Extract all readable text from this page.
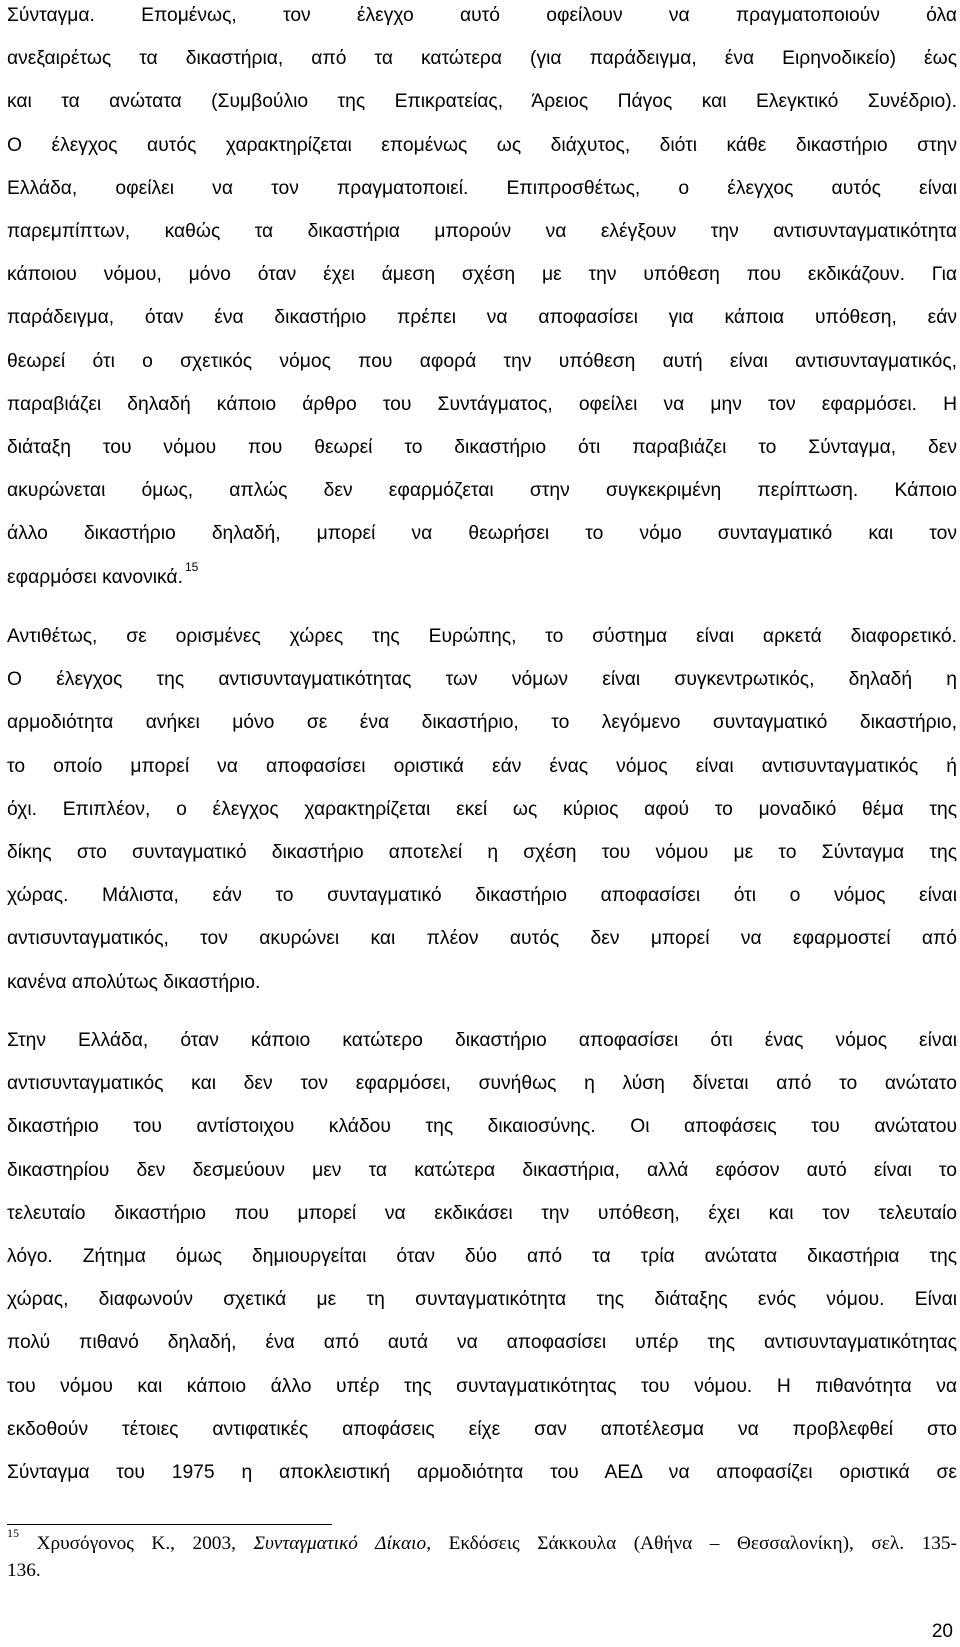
Σύνταγμα. Επομένως, τον έλεγχο αυτό οφείλουν να πραγματοποιούν όλα
ανεξαιρέτως τα δικαστήρια, από τα κατώτερα (για παράδειγμα, ένα Ειρηνοδικείο) έως
και τα ανώτατα (Συμβούλιο της Επικρατείας, Άρειος Πάγος και Ελεγκτικό Συνέδριο).
Ο έλεγχος αυτός χαρακτηρίζεται επομένως ως διάχυτος, διότι κάθε δικαστήριο στην
Ελλάδα, οφείλει να τον πραγματοποιεί. Επιπροσθέτως, ο έλεγχος αυτός είναι
παρεμπίπτων, καθώς τα δικαστήρια μπορούν να ελέγξουν την αντισυνταγματικότητα
κάποιου νόμου, μόνο όταν έχει άμεση σχέση με την υπόθεση που εκδικάζουν. Για
παράδειγμα, όταν ένα δικαστήριο πρέπει να αποφασίσει για κάποια υπόθεση, εάν
θεωρεί ότι ο σχετικός νόμος που αφορά την υπόθεση αυτή είναι αντισυνταγματικός,
παραβιάζει δηλαδή κάποιο άρθρο του Συντάγματος, οφείλει να μην τον εφαρμόσει. Η
διάταξη του νόμου που θεωρεί το δικαστήριο ότι παραβιάζει το Σύνταγμα, δεν
ακυρώνεται όμως, απλώς δεν εφαρμόζεται στην συγκεκριμένη περίπτωση. Κάποιο
άλλο δικαστήριο δηλαδή, μπορεί να θεωρήσει το νόμο συνταγματικό και τον
εφαρμόσει κανονικά. $^{15}$
Αντιθέτως, σε ορισμένες χώρες της Ευρώπης, το σύστημα είναι αρκετά διαφορετικό.
Ο έλεγχος της αντισυνταγματικότητας των νόμων είναι συγκεντρωτικός, δηλαδή η
αρμοδιότητα ανήκει μόνο σε ένα δικαστήριο, το λεγόμενο συνταγματικό δικαστήριο,
το οποίο μπορεί να αποφασίσει οριστικά εάν ένας νόμος είναι αντισυνταγματικός ή
όχι. Επιπλέον, ο έλεγχος χαρακτηρίζεται εκεί ως κύριος αφού το μοναδικό θέμα της
δίκης στο συνταγματικό δικαστήριο αποτελεί η σχέση του νόμου με το Σύνταγμα της
χώρας. Μάλιστα, εάν το συνταγματικό δικαστήριο αποφασίσει ότι ο νόμος είναι
αντισυνταγματικός, τον ακυρώνει και πλέον αυτός δεν μπορεί να εφαρμοστεί από
κανένα απολύτως δικαστήριο.
Στην Ελλάδα, όταν κάποιο κατώτερο δικαστήριο αποφασίσει ότι ένας νόμος είναι
αντισυνταγματικός και δεν τον εφαρμόσει, συνήθως η λύση δίνεται από το ανώτατο
δικαστήριο του αντίστοιχου κλάδου της δικαιοσύνης. Οι αποφάσεις του ανώτατου
δικαστηρίου δεν δεσμεύουν μεν τα κατώτερα δικαστήρια, αλλά εφόσον αυτό είναι το
τελευταίο δικαστήριο που μπορεί να εκδικάσει την υπόθεση, έχει και τον τελευταίο
λόγο. Ζήτημα όμως δημιουργείται όταν δύο από τα τρία ανώτατα δικαστήρια της
χώρας, διαφωνούν σχετικά με τη συνταγματικότητα της διάταξης ενός νόμου. Είναι
πολύ πιθανό δηλαδή, ένα από αυτά να αποφασίσει υπέρ της αντισυνταγματικότητας
του νόμου και κάποιο άλλο υπέρ της συνταγματικότητας του νόμου. Η πιθανότητα να
εκδοθούν τέτοιες αντιφατικές αποφάσεις είχε σαν αποτέλεσμα να προβλεφθεί στο
Σύνταγμα του 1975 η αποκλειστική αρμοδιότητα του ΑΕΔ να αποφασίζει οριστικά σε
$^{15}$ Χρυσόγονος Κ., 2003, Συνταγματικό Δίκαιο, Εκδόσεις Σάκκουλα (Αθήνα – Θεσσαλονίκη), σελ. 135-
136.
20
